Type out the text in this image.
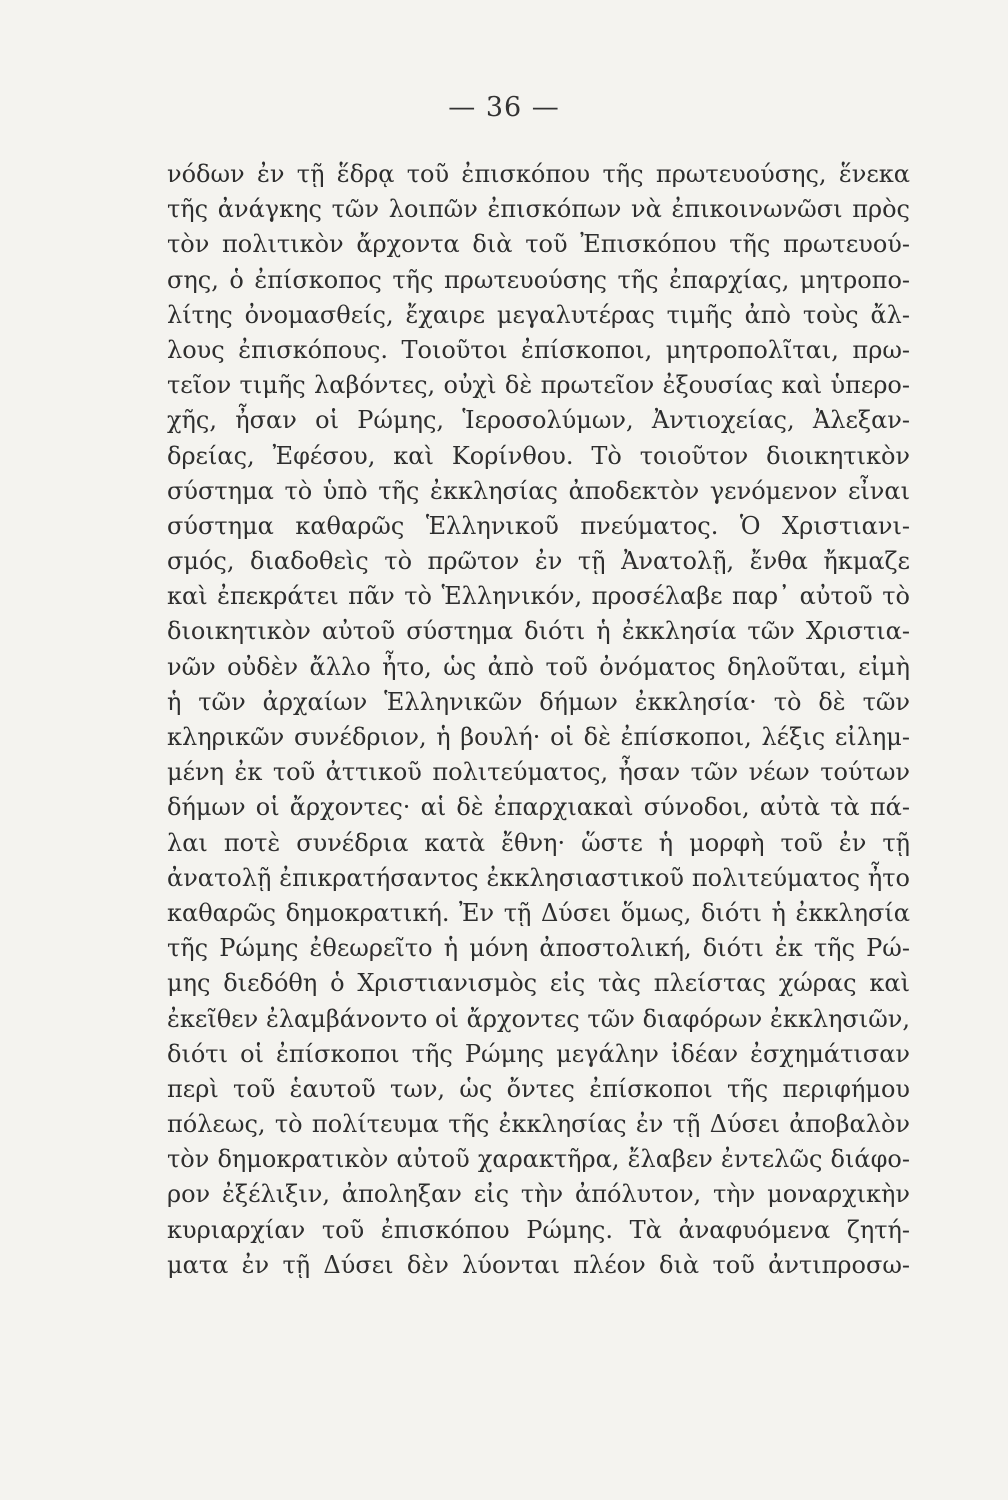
— 36 —
νόδων ἐν τῇ ἕδρᾳ τοῦ ἐπισκόπου τῆς πρωτευούσης, ἕνεκα
τῆς ἀνάγκης τῶν λοιπῶν ἐπισκόπων νὰ ἐπικοινωνῶσι πρὸς
τὸν πολιτικὸν ἄρχοντα διὰ τοῦ Ἐπισκόπου τῆς πρωτευού-
σης, ὁ ἐπίσκοπος τῆς πρωτευούσης τῆς ἐπαρχίας, μητροπο-
λίτης ὀνομασθείς, ἔχαιρε μεγαλυτέρας τιμῆς ἀπὸ τοὺς ἄλ-
λους ἐπισκόπους. Τοιοῦτοι ἐπίσκοποι, μητροπολῖται, πρω-
τεῖον τιμῆς λαβόντες, οὐχὶ δὲ πρωτεῖον ἐξουσίας καὶ ὑπερο-
χῆς, ἦσαν οἱ Ρώμης, Ἱεροσολύμων, Ἀντιοχείας, Ἀλεξαν-
δρείας, Ἐφέσου, καὶ Κορίνθου. Τὸ τοιοῦτον διοικητικὸν
σύστημα τὸ ὑπὸ τῆς ἐκκλησίας ἀποδεκτὸν γενόμενον εἶναι
σύστημα καθαρῶς Ἑλληνικοῦ πνεύματος. Ὁ Χριστιανι-
σμός, διαδοθεὶς τὸ πρῶτον ἐν τῇ Ἀνατολῇ, ἔνθα ἤκμαζε
καὶ ἐπεκράτει πᾶν τὸ Ἑλληνικόν, προσέλαβε παρ᾽ αὐτοῦ τὸ
διοικητικὸν αὐτοῦ σύστημα διότι ἡ ἐκκλησία τῶν Χριστια-
νῶν οὐδὲν ἄλλο ἦτο, ὡς ἀπὸ τοῦ ὀνόματος δηλοῦται, εἰμὴ
ἡ τῶν ἀρχαίων Ἑλληνικῶν δήμων ἐκκλησία· τὸ δὲ τῶν
κληρικῶν συνέδριον, ἡ βουλή· οἱ δὲ ἐπίσκοποι, λέξις εἰλημ-
μένη ἐκ τοῦ ἀττικοῦ πολιτεύματος, ἦσαν τῶν νέων τούτων
δήμων οἱ ἄρχοντες· αἱ δὲ ἐπαρχιακαὶ σύνοδοι, αὐτὰ τὰ πά-
λαι ποτὲ συνέδρια κατὰ ἔθνη· ὥστε ἡ μορφὴ τοῦ ἐν τῇ
ἀνατολῇ ἐπικρατήσαντος ἐκκλησιαστικοῦ πολιτεύματος ἦτο
καθαρῶς δημοκρατική. Ἐν τῇ Δύσει ὅμως, διότι ἡ ἐκκλησία
τῆς Ρώμης ἐθεωρεῖτο ἡ μόνη ἀποστολική, διότι ἐκ τῆς Ρώ-
μης διεδόθη ὁ Χριστιανισμὸς εἰς τὰς πλείστας χώρας καὶ
ἐκεῖθεν ἐλαμβάνοντο οἱ ἄρχοντες τῶν διαφόρων ἐκκλησιῶν,
διότι οἱ ἐπίσκοποι τῆς Ρώμης μεγάλην ἰδέαν ἐσχημάτισαν
περὶ τοῦ ἑαυτοῦ των, ὡς ὄντες ἐπίσκοποι τῆς περιφήμου
πόλεως, τὸ πολίτευμα τῆς ἐκκλησίας ἐν τῇ Δύσει ἀποβαλὸν
τὸν δημοκρατικὸν αὐτοῦ χαρακτῆρα, ἔλαβεν ἐντελῶς διάφο-
ρον ἐξέλιξιν, ἀποληξαν εἰς τὴν ἀπόλυτον, τὴν μοναρχικὴν
κυριαρχίαν τοῦ ἐπισκόπου Ρώμης. Τὰ ἀναφυόμενα ζητή-
ματα ἐν τῇ Δύσει δὲν λύονται πλέον διὰ τοῦ ἀντιπροσω-
